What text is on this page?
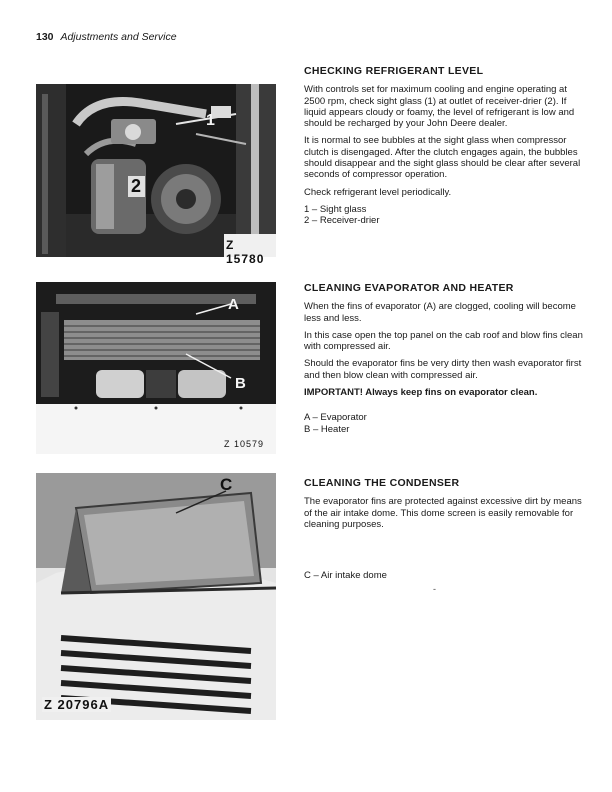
130 Adjustments and Service
1
2
Z 15780
A
B
Z 10579
C
Z 20796A
CHECKING REFRIGERANT LEVEL

With controls set for maximum cooling and engine operating at 2500 rpm, check sight glass (1) at outlet of receiver-drier (2). If liquid appears cloudy or foamy, the level of refrigerant is low and should be recharged by your John Deere dealer.

It is normal to see bubbles at the sight glass when compressor clutch is disengaged. After the clutch engages again, the bubbles should disappear and the sight glass should be clear after several seconds of compressor operation.

Check refrigerant level periodically.

1 – Sight glass

2 – Receiver-drier

CLEANING EVAPORATOR AND HEATER

When the fins of evaporator (A) are clogged, cooling will become less and less.

In this case open the top panel on the cab roof and blow fins clean with compressed air.

Should the evaporator fins be very dirty then wash evaporator first and then blow clean with compressed air.

IMPORTANT! Always keep fins on evaporator clean.

A – Evaporator

B – Heater

CLEANING THE CONDENSER

The evaporator fins are protected against excessive dirt by means of the air intake dome. This dome screen is easily removable for cleaning purposes.

C – Air intake dome

-
